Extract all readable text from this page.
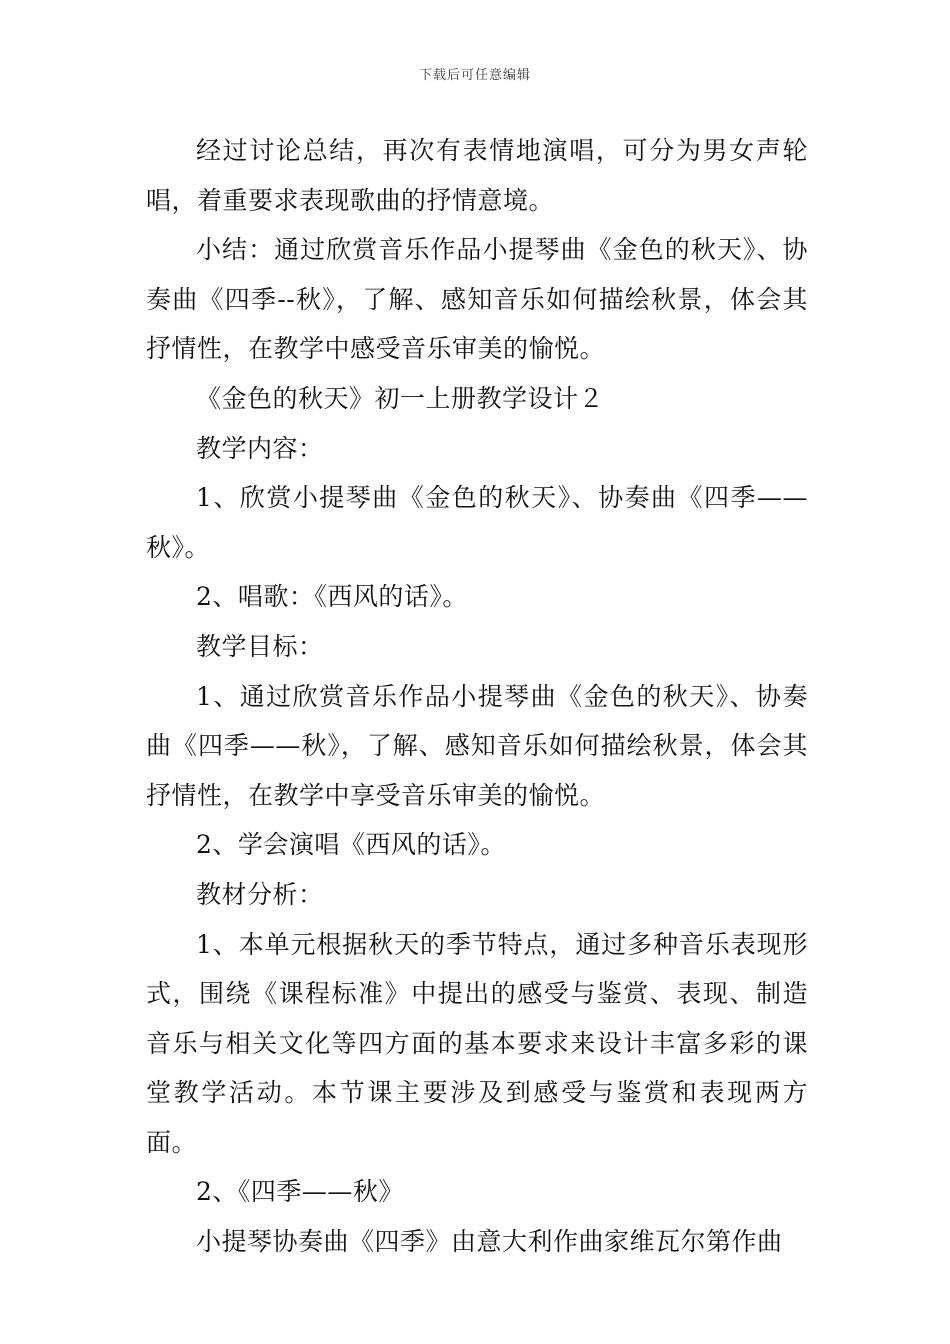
下载后可任意编辑

经过讨论总结，再次有表情地演唱，可分为男女声轮唱，着重要求表现歌曲的抒情意境。

小结：通过欣赏音乐作品小提琴曲《金色的秋天》、协奏曲《四季--秋》，了解、感知音乐如何描绘秋景，体会其抒情性，在教学中感受音乐审美的愉悦。

《金色的秋天》初一上册教学设计２

教学内容：

1、欣赏小提琴曲《金色的秋天》、协奏曲《四季——秋》。

2、唱歌：《西风的话》。

教学目标：

1、通过欣赏音乐作品小提琴曲《金色的秋天》、协奏曲《四季——秋》，了解、感知音乐如何描绘秋景，体会其抒情性，在教学中享受音乐审美的愉悦。

2、学会演唱《西风的话》。

教材分析：

1、本单元根据秋天的季节特点，通过多种音乐表现形式，围绕《课程标准》中提出的感受与鉴赏、表现、制造音乐与相关文化等四方面的基本要求来设计丰富多彩的课堂教学活动。本节课主要涉及到感受与鉴赏和表现两方面。

2、《四季——秋》

小提琴协奏曲《四季》由意大利作曲家维瓦尔第作曲
